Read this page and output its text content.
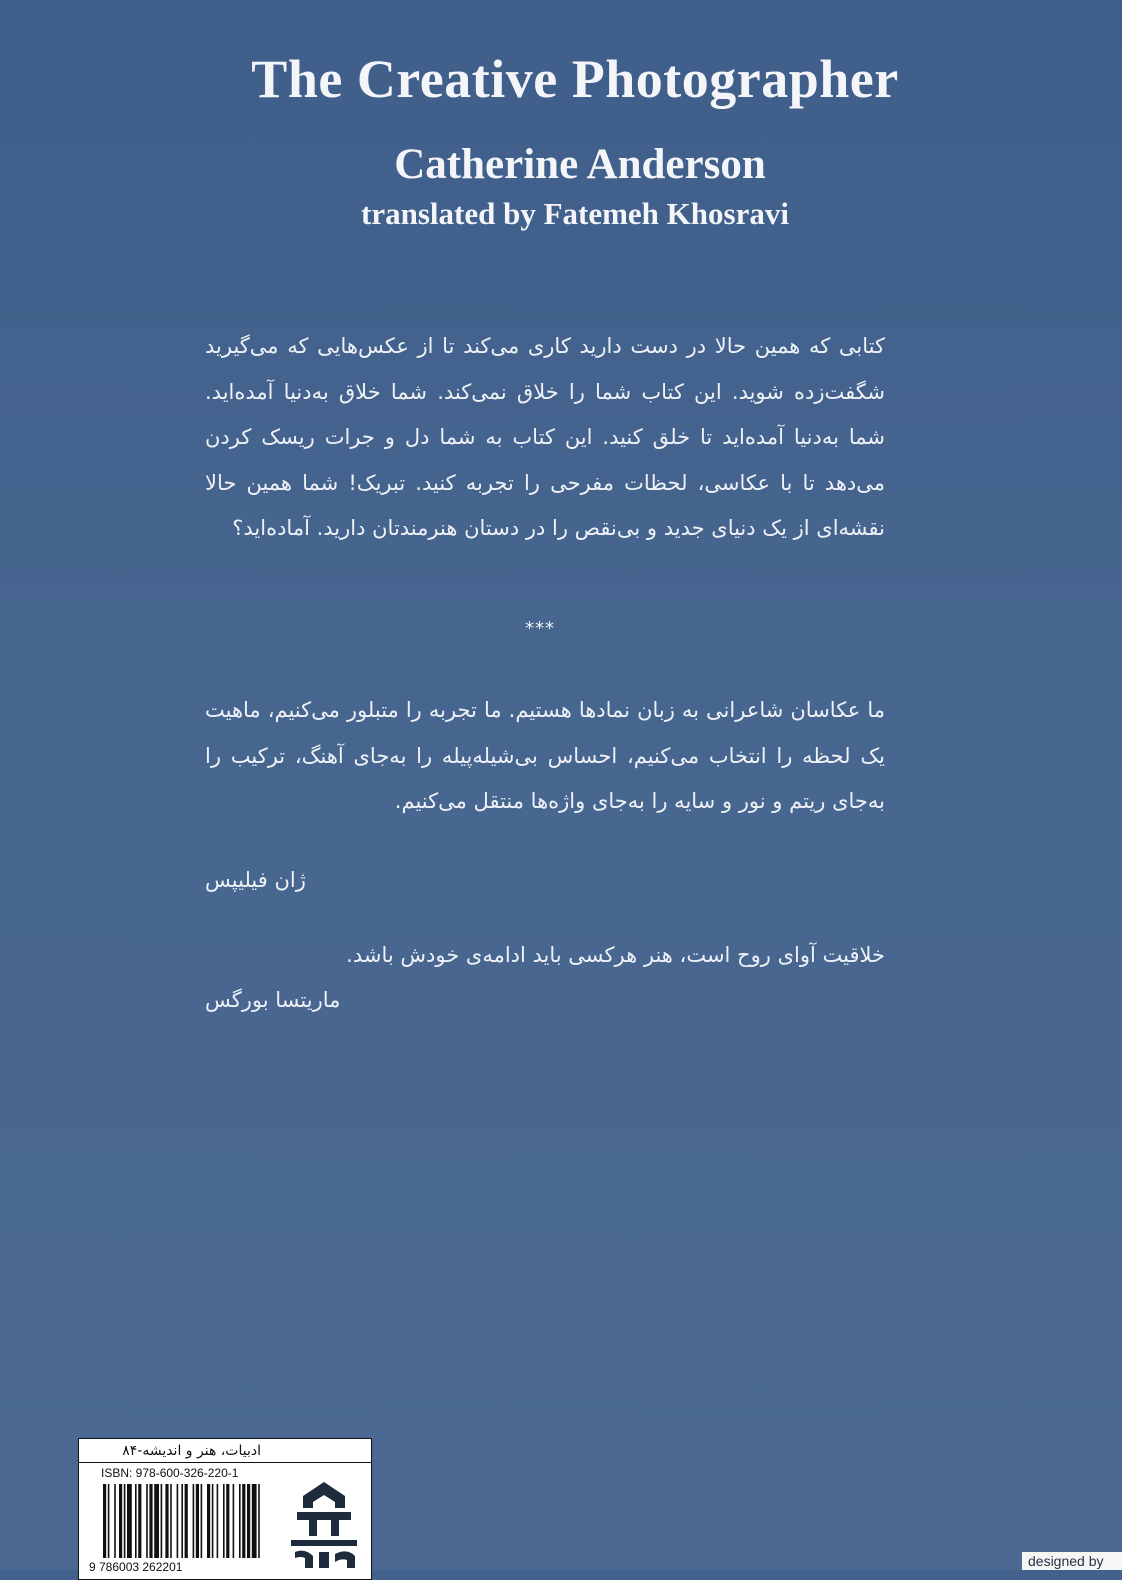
The Creative Photographer
Catherine Anderson
translated by Fatemeh Khosravi
کتابی که همین حالا در دست دارید کاری می‌کند تا از عکس‌هایی که می‌گیرید شگفت‌زده شوید. این کتاب شما را خلاق نمی‌کند. شما خلاق به‌دنیا آمده‌اید. شما به‌دنیا آمده‌اید تا خلق کنید. این کتاب به شما دل و جرات ریسک کردن می‌دهد تا با عکاسی، لحظات مفرحی را تجربه کنید. تبریک! شما همین حالا نقشه‌ای از یک دنیای جدید و بی‌نقص را در دستان هنرمندتان دارید. آماده‌اید؟
***
ما عکاسان شاعرانی به زبان نمادها هستیم. ما تجربه را متبلور می‌کنیم، ماهیت یک لحظه را انتخاب می‌کنیم، احساس بی‌شیله‌پیله را به‌جای آهنگ، ترکیب را به‌جای ریتم و نور و سایه را به‌جای واژه‌ها منتقل می‌کنیم.
ژان فیلیپس
خلاقیت آوای روح است، هنر هرکسی باید ادامه‌ی خودش باشد.
ماریتسا بورگس
ادبیات، هنر و اندیشه-۸۴
ISBN: 978-600-326-220-1
9 786003 262201	designed by
